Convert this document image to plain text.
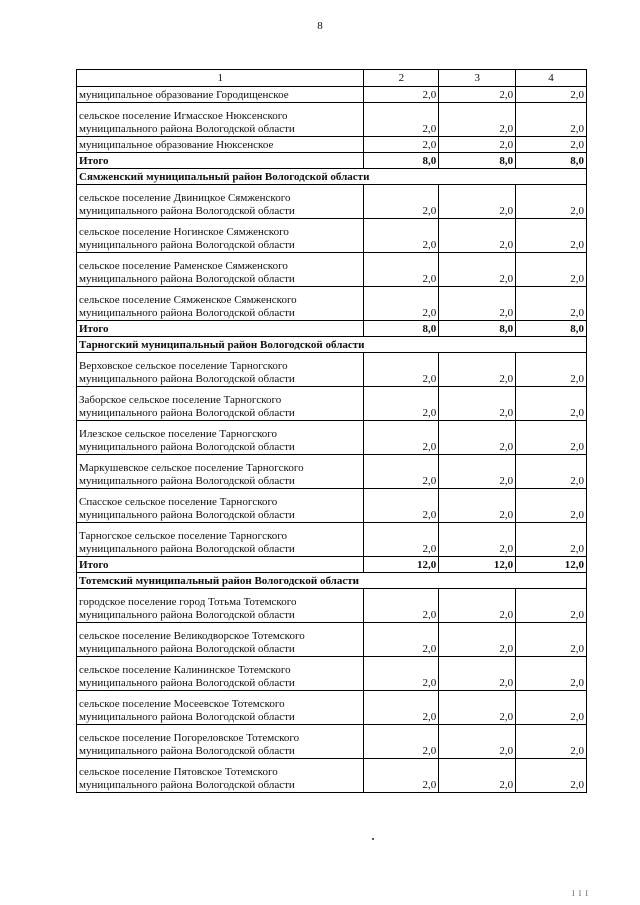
8
1	2	3	4
муниципальное образование Городищенское	2,0	2,0	2,0
сельское поселение Игмасское Нюксенского
муниципального района Вологодской области	2,0	2,0	2,0
муниципальное образование Нюксенское	2,0	2,0	2,0
Итого	8,0	8,0	8,0
Сямженский муниципальный район Вологодской области			
сельское поселение Двиницкое Сямженского
муниципального района Вологодской области	2,0	2,0	2,0
сельское поселение Ногинское Сямженского
муниципального района Вологодской области	2,0	2,0	2,0
сельское поселение Раменское Сямженского
муниципального района Вологодской области	2,0	2,0	2,0
сельское поселение Сямженское Сямженского
муниципального района Вологодской области	2,0	2,0	2,0
Итого	8,0	8,0	8,0
Тарногский муниципальный район Вологодской области			
Верховское сельское поселение Тарногского
муниципального района Вологодской области	2,0	2,0	2,0
Заборское сельское поселение Тарногского
муниципального района Вологодской области	2,0	2,0	2,0
Илезское сельское поселение Тарногского
муниципального района Вологодской области	2,0	2,0	2,0
Маркушевское сельское поселение Тарногского
муниципального района Вологодской области	2,0	2,0	2,0
Спасское сельское поселение Тарногского
муниципального района Вологодской области	2,0	2,0	2,0
Тарногское сельское поселение Тарногского
муниципального района Вологодской области	2,0	2,0	2,0
Итого	12,0	12,0	12,0
Тотемский муниципальный район Вологодской области			
городское поселение город Тотьма Тотемского
муниципального района Вологодской области	2,0	2,0	2,0
сельское поселение Великодворское Тотемского
муниципального района Вологодской области	2,0	2,0	2,0
сельское поселение Калининское Тотемского
муниципального района Вологодской области	2,0	2,0	2,0
сельское поселение Мосеевское Тотемского
муниципального района Вологодской области	2,0	2,0	2,0
сельское поселение Погореловское Тотемского
муниципального района Вологодской области	2,0	2,0	2,0
сельское поселение Пятовское Тотемского
муниципального района Вологодской области	2,0	2,0	2,0
I I I
